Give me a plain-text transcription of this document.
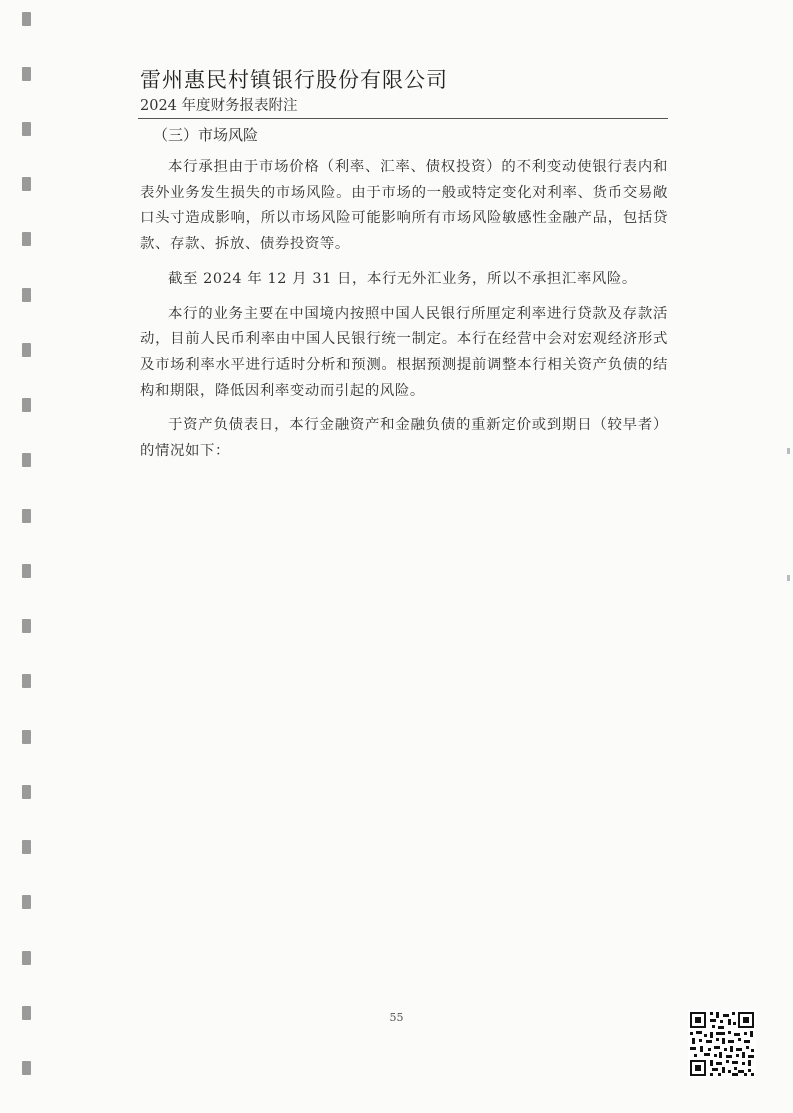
雷州惠民村镇银行股份有限公司
2024 年度财务报表附注
（三）市场风险

本行承担由于市场价格（利率、汇率、债权投资）的不利变动使银行表内和表外业务发生损失的市场风险。由于市场的一般或特定变化对利率、货币交易敞口头寸造成影响，所以市场风险可能影响所有市场风险敏感性金融产品，包括贷款、存款、拆放、债券投资等。

截至 2024 年 12 月 31 日，本行无外汇业务，所以不承担汇率风险。

本行的业务主要在中国境内按照中国人民银行所厘定利率进行贷款及存款活动，目前人民币利率由中国人民银行统一制定。本行在经营中会对宏观经济形式及市场利率水平进行适时分析和预测。根据预测提前调整本行相关资产负债的结构和期限，降低因利率变动而引起的风险。

于资产负债表日，本行金融资产和金融负债的重新定价或到期日（较早者）的情况如下：

55
